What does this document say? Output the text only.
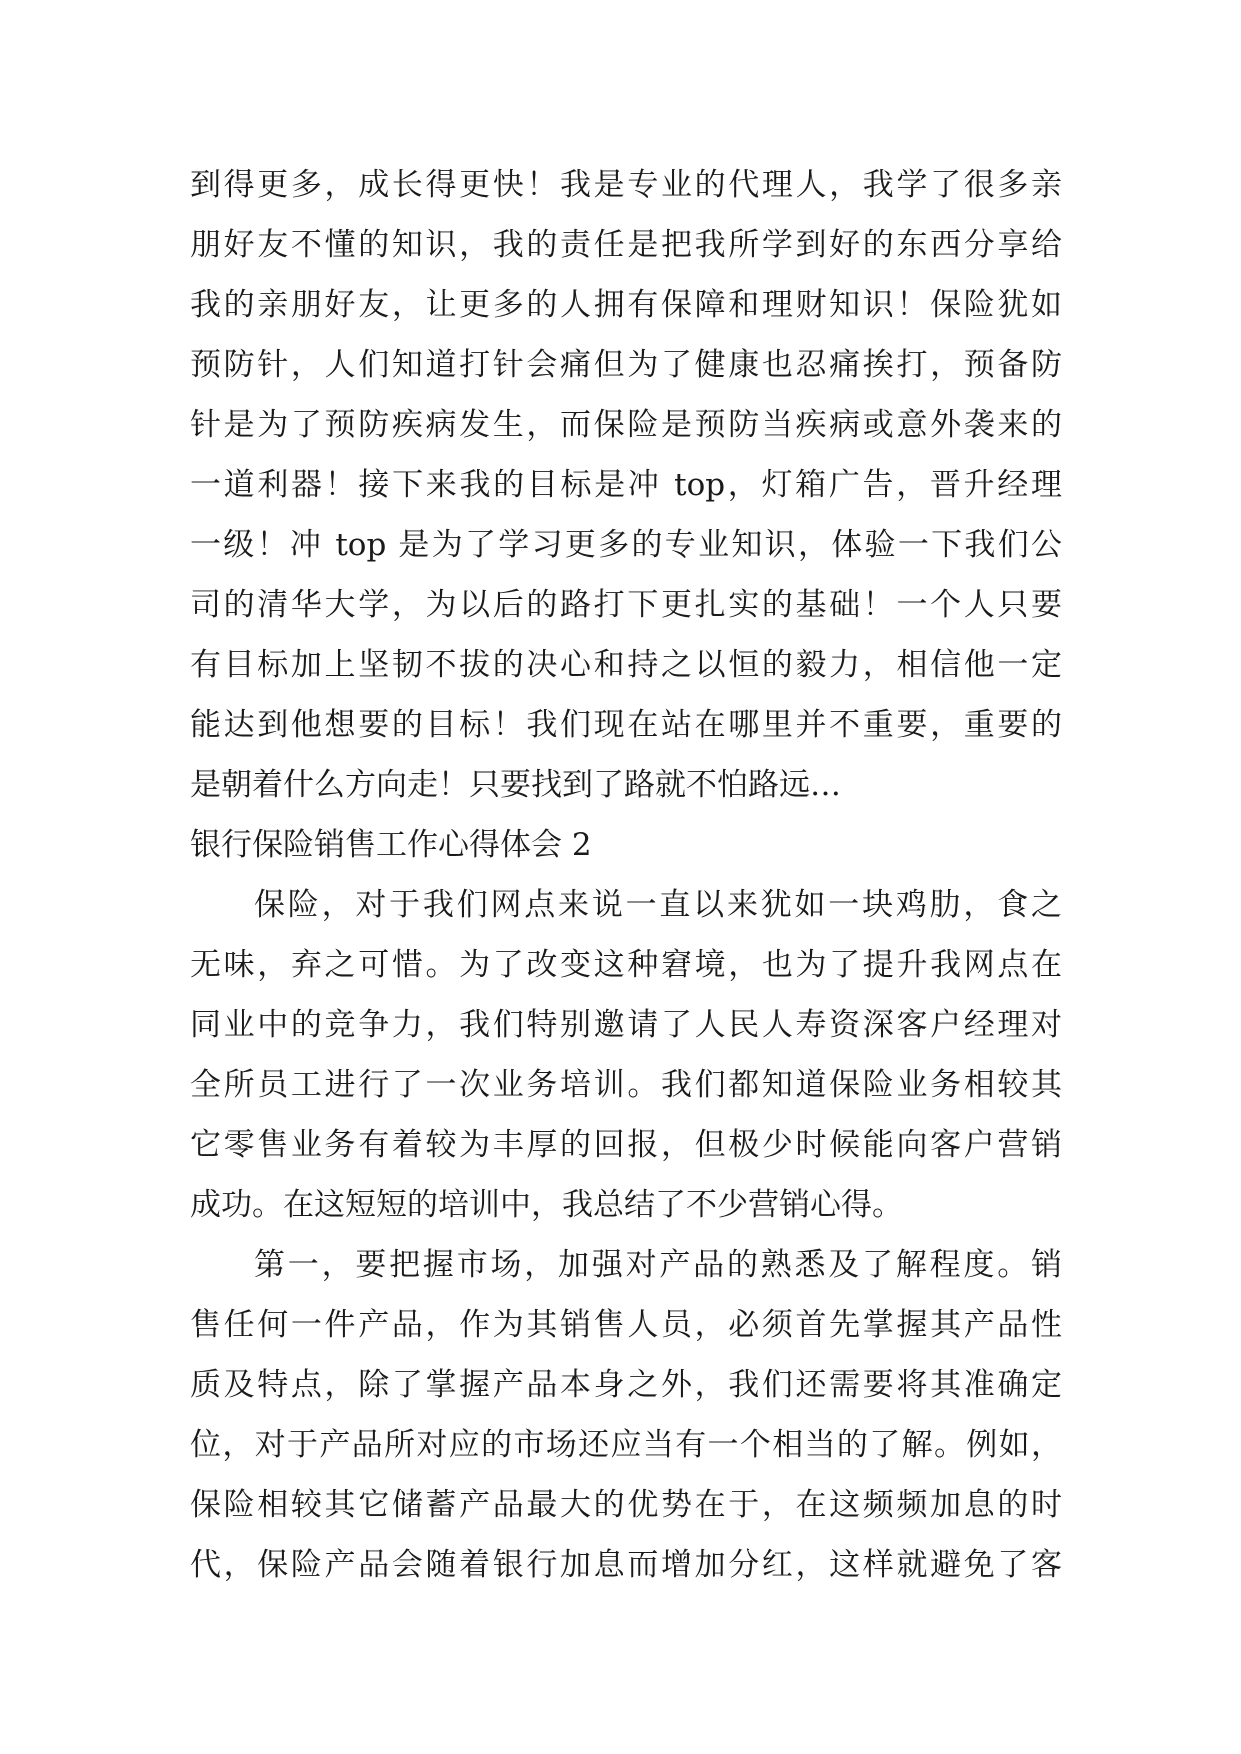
到得更多，成长得更快！我是专业的代理人，我学了很多亲
朋好友不懂的知识，我的责任是把我所学到好的东西分享给
我的亲朋好友，让更多的人拥有保障和理财知识！保险犹如
预防针，人们知道打针会痛但为了健康也忍痛挨打，预备防
针是为了预防疾病发生，而保险是预防当疾病或意外袭来的
一道利器！接下来我的目标是冲 top，灯箱广告，晋升经理
一级！冲 top 是为了学习更多的专业知识，体验一下我们公
司的清华大学，为以后的路打下更扎实的基础！一个人只要
有目标加上坚韧不拔的决心和持之以恒的毅力，相信他一定
能达到他想要的目标！我们现在站在哪里并不重要，重要的
是朝着什么方向走！只要找到了路就不怕路远…
银行保险销售工作心得体会 2
保险，对于我们网点来说一直以来犹如一块鸡肋，食之
无味，弃之可惜。为了改变这种窘境，也为了提升我网点在
同业中的竞争力，我们特别邀请了人民人寿资深客户经理对
全所员工进行了一次业务培训。我们都知道保险业务相较其
它零售业务有着较为丰厚的回报，但极少时候能向客户营销
成功。在这短短的培训中，我总结了不少营销心得。
第一，要把握市场，加强对产品的熟悉及了解程度。销
售任何一件产品，作为其销售人员，必须首先掌握其产品性
质及特点，除了掌握产品本身之外，我们还需要将其准确定
位，对于产品所对应的市场还应当有一个相当的了解。例如，
保险相较其它储蓄产品最大的优势在于，在这频频加息的时
代，保险产品会随着银行加息而增加分红，这样就避免了客
